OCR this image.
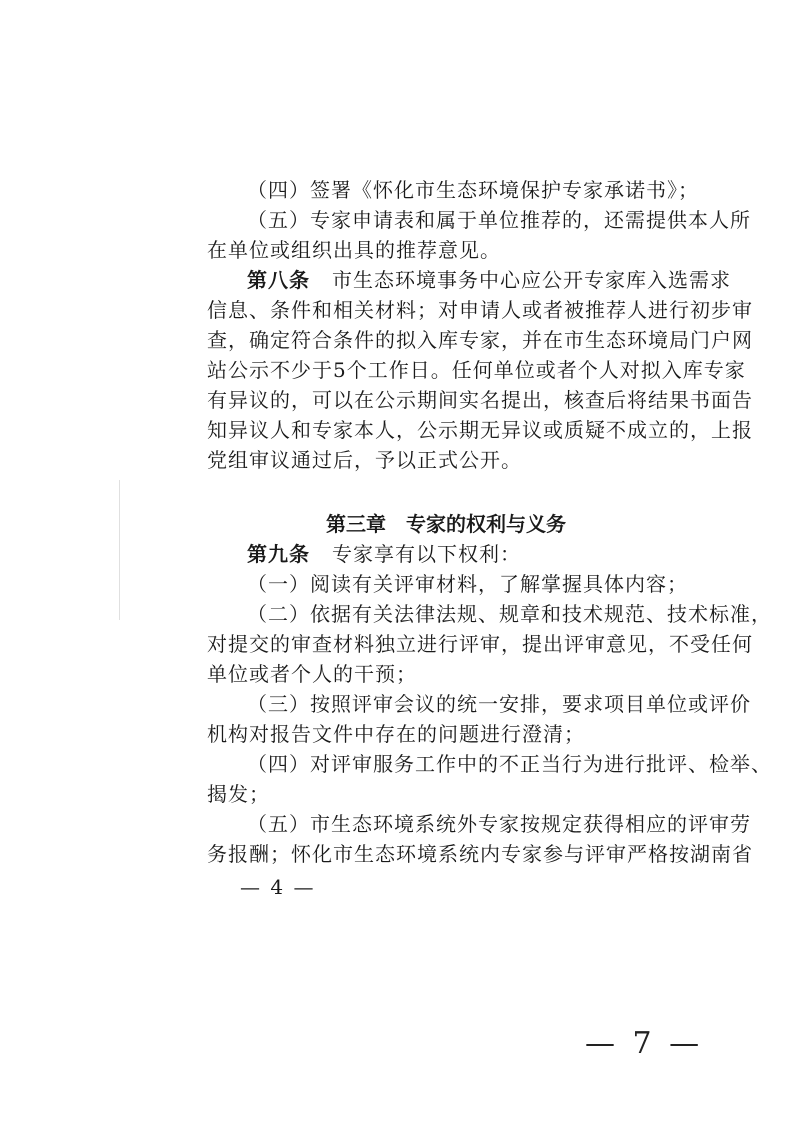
（四）签署《怀化市生态环境保护专家承诺书》；
（五）专家申请表和属于单位推荐的，还需提供本人所
在单位或组织出具的推荐意见。
第八条 市生态环境事务中心应公开专家库入选需求
信息、条件和相关材料；对申请人或者被推荐人进行初步审
查，确定符合条件的拟入库专家，并在市生态环境局门户网
站公示不少于5个工作日。任何单位或者个人对拟入库专家
有异议的，可以在公示期间实名提出，核查后将结果书面告
知异议人和专家本人，公示期无异议或质疑不成立的，上报
党组审议通过后，予以正式公开。
第三章　专家的权利与义务
第九条 专家享有以下权利：
（一）阅读有关评审材料，了解掌握具体内容；
（二）依据有关法律法规、规章和技术规范、技术标准，
对提交的审查材料独立进行评审，提出评审意见，不受任何
单位或者个人的干预；
（三）按照评审会议的统一安排，要求项目单位或评价
机构对报告文件中存在的问题进行澄清；
（四）对评审服务工作中的不正当行为进行批评、检举、
揭发；
（五）市生态环境系统外专家按规定获得相应的评审劳
务报酬；怀化市生态环境系统内专家参与评审严格按湖南省
— 4 —
— 7 —
